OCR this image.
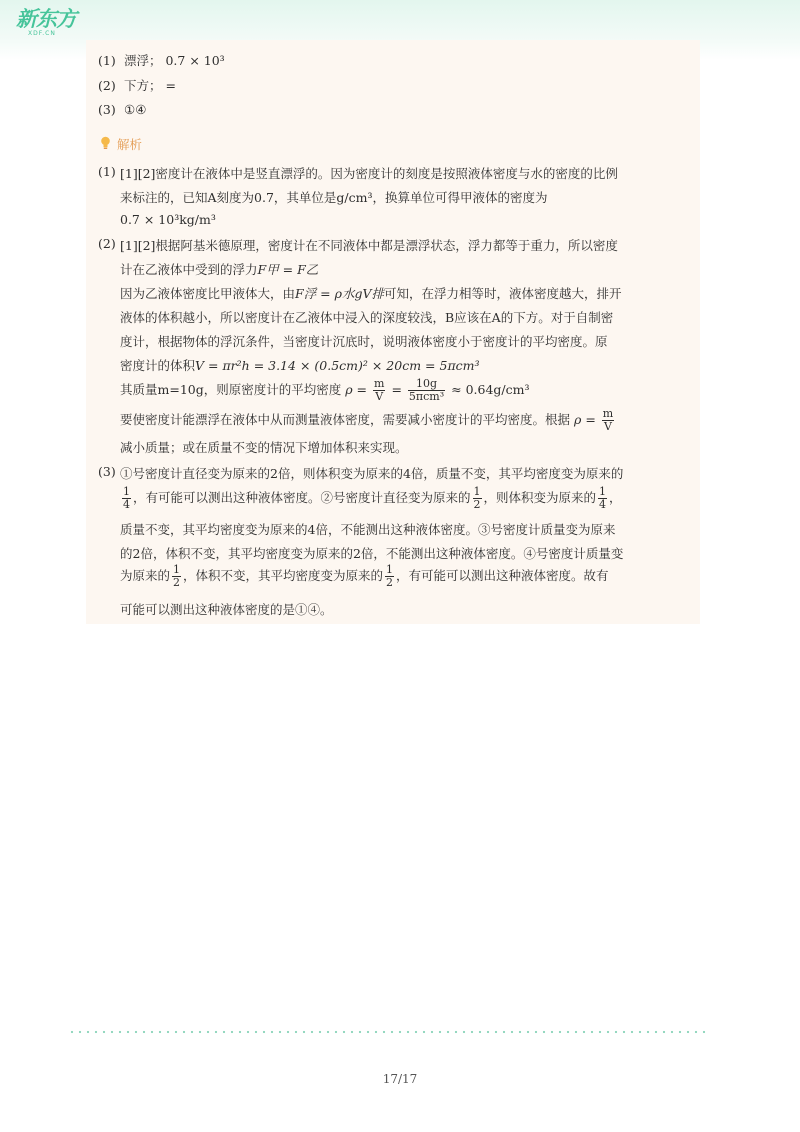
新东方
XDF.CN
(1) 漂浮； 0.7 × 10³
(2) 下方； =
(3) ①④
解析
(1) [1][2]密度计在液体中是竖直漂浮的。因为密度计的刻度是按照液体密度与水的密度的比例
来标注的，已知A刻度为0.7，其单位是g/cm³，换算单位可得甲液体的密度为
0.7 × 10³kg/m³
(2) [1][2]根据阿基米德原理，密度计在不同液体中都是漂浮状态，浮力都等于重力，所以密度
计在乙液体中受到的浮力F甲 = F乙
因为乙液体密度比甲液体大，由F浮 = ρ水gV排可知，在浮力相等时，液体密度越大，排开
液体的体积越小，所以密度计在乙液体中浸入的深度较浅，B应该在A的下方。对于自制密
度计，根据物体的浮沉条件，当密度计沉底时，说明液体密度小于密度计的平均密度。原
密度计的体积V = πr²h = 3.14 × (0.5cm)² × 20cm = 5πcm³
其质量m=10g，则原密度计的平均密度 $\rho = \frac{m}{V} = \frac{10g}{\text{5πcm³}} \approx 0.64g/cm^3$
要使密度计能漂浮在液体中从而测量液体密度，需要减小密度计的平均密度。根据 $\rho = \frac{m}{V}$
减小质量；或在质量不变的情况下增加体积来实现。
(3) ①号密度计直径变为原来的2倍，则体积变为原来的4倍，质量不变，其平均密度变为原来的
$\frac{1}{4}$ ，有可能可以测出这种液体密度。②号密度计直径变为原来的 $\frac{1}{2}$ ，则体积变为原来的 $\frac{1}{4}$ ，
质量不变，其平均密度变为原来的4倍，不能测出这种液体密度。③号密度计质量变为原来
的2倍，体积不变，其平均密度变为原来的2倍，不能测出这种液体密度。④号密度计质量变
为原来的 $\frac{1}{2}$ ，体积不变，其平均密度变为原来的 $\frac{1}{2}$ ，有可能可以测出这种液体密度。故有
可能可以测出这种液体密度的是①④。
17/17
